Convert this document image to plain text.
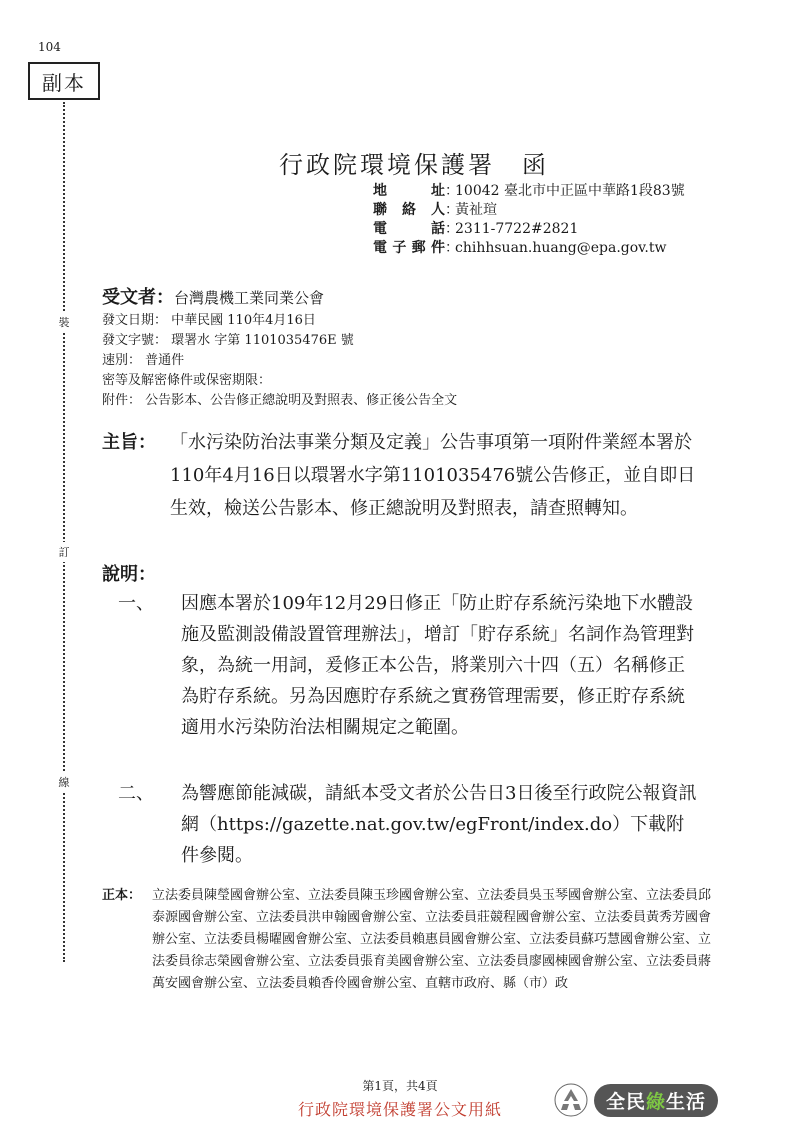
104
副本
裝
訂
線
行政院環境保護署　函
地址：10042 臺北市中正區中華路1段83號
聯絡人：黃祉瑄
電話：2311-7722#2821
電子郵件：chihhsuan.huang@epa.gov.tw
受文者：台灣農機工業同業公會
發文日期： 中華民國 110年4月16日
發文字號： 環署水 字第 1101035476E 號
速別： 普通件
密等及解密條件或保密期限：
附件： 公告影本、公告修正總說明及對照表、修正後公告全文
主旨： 「水污染防治法事業分類及定義」公告事項第一項附件業經本署於110年4月16日以環署水字第1101035476號公告修正，並自即日生效，檢送公告影本、修正總說明及對照表，請查照轉知。
說明：
一、 因應本署於109年12月29日修正「防止貯存系統污染地下水體設施及監測設備設置管理辦法」，增訂「貯存系統」名詞作為管理對象，為統一用詞，爰修正本公告，將業別六十四（五）名稱修正為貯存系統。另為因應貯存系統之實務管理需要，修正貯存系統適用水污染防治法相關規定之範圍。
二、 為響應節能減碳，請紙本受文者於公告日3日後至行政院公報資訊網（https://gazette.nat.gov.tw/egFront/index.do）下載附件參閱。
正本： 立法委員陳瑩國會辦公室、立法委員陳玉珍國會辦公室、立法委員吳玉琴國會辦公室、立法委員邱泰源國會辦公室、立法委員洪申翰國會辦公室、立法委員莊競程國會辦公室、立法委員黃秀芳國會辦公室、立法委員楊曜國會辦公室、立法委員賴惠員國會辦公室、立法委員蘇巧慧國會辦公室、立法委員徐志榮國會辦公室、立法委員張育美國會辦公室、立法委員廖國棟國會辦公室、立法委員蔣萬安國會辦公室、立法委員賴香伶國會辦公室、直轄市政府、縣（市）政
第1頁，共4頁
行政院環境保護署公文用紙	全民綠生活
